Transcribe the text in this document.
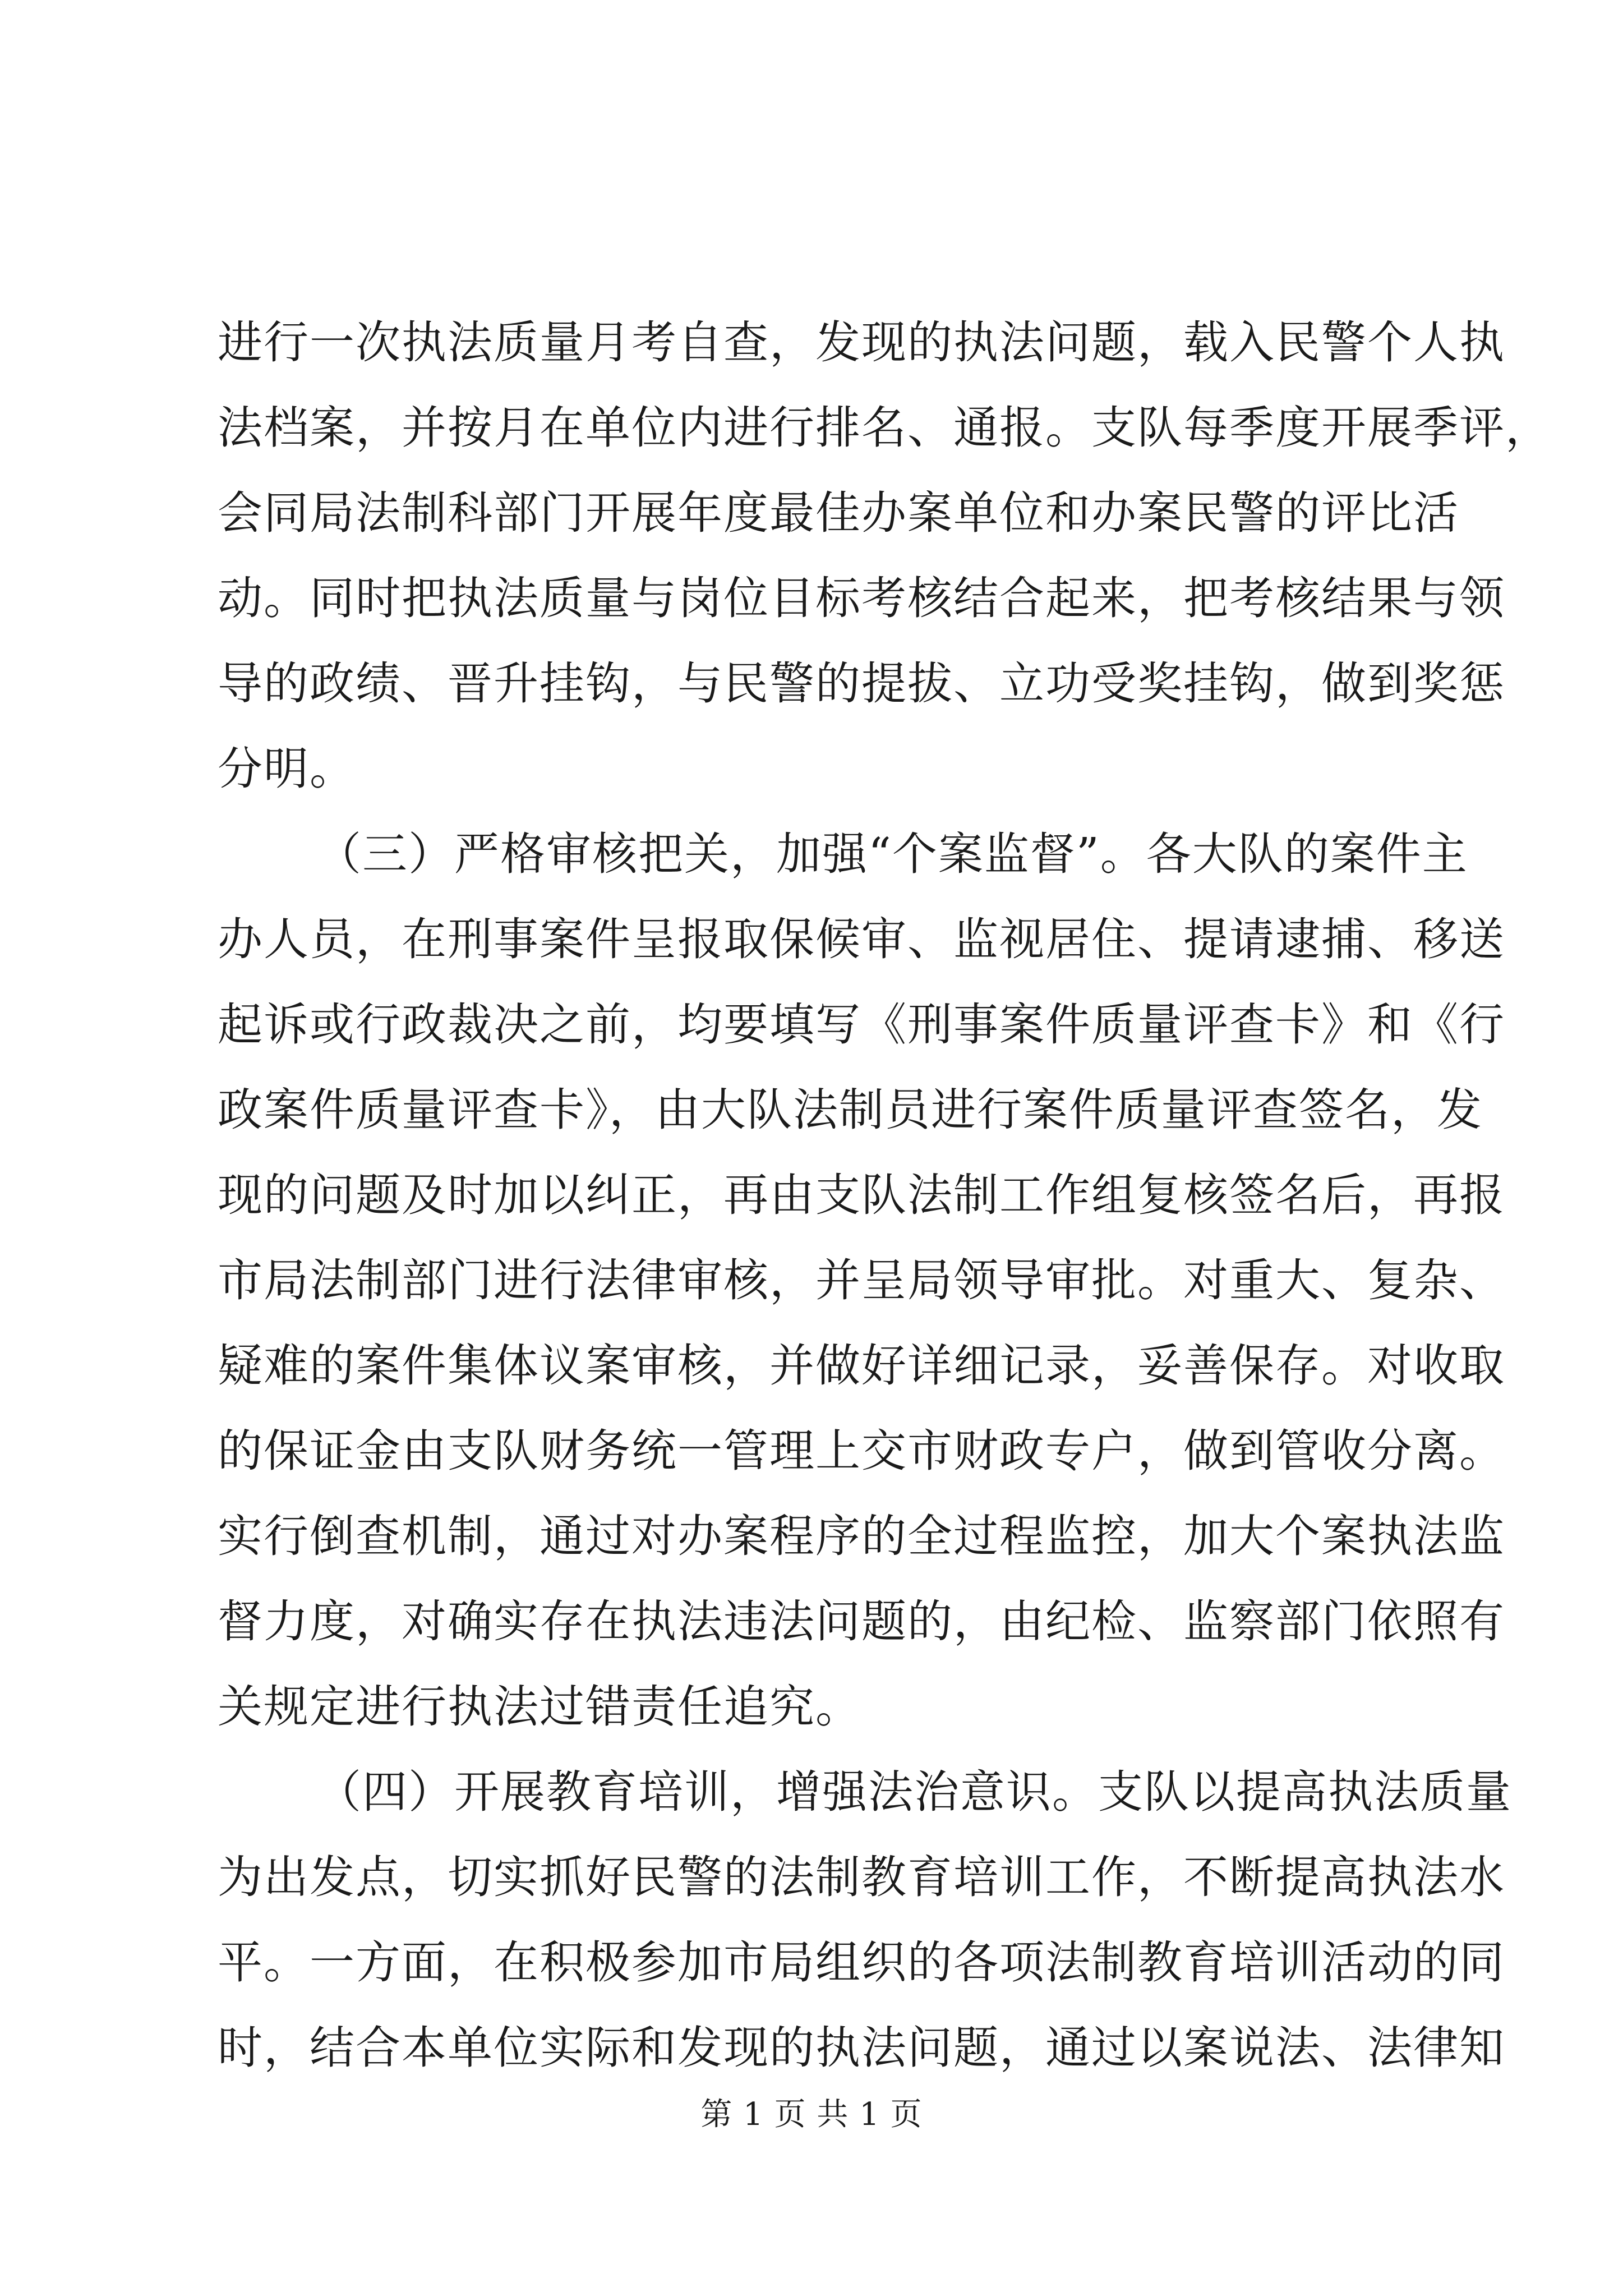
进行一次执法质量月考自查，发现的执法问题，载入民警个人执
法档案，并按月在单位内进行排名、通报。支队每季度开展季评，
会同局法制科部门开展年度最佳办案单位和办案民警的评比活
动。同时把执法质量与岗位目标考核结合起来，把考核结果与领
导的政绩、晋升挂钩，与民警的提拔、立功受奖挂钩，做到奖惩
分明。
（三）严格审核把关，加强“个案监督”。各大队的案件主
办人员，在刑事案件呈报取保候审、监视居住、提请逮捕、移送
起诉或行政裁决之前，均要填写《刑事案件质量评查卡》和《行
政案件质量评查卡》，由大队法制员进行案件质量评查签名，发
现的问题及时加以纠正，再由支队法制工作组复核签名后，再报
市局法制部门进行法律审核，并呈局领导审批。对重大、复杂、
疑难的案件集体议案审核，并做好详细记录，妥善保存。对收取
的保证金由支队财务统一管理上交市财政专户，做到管收分离。
实行倒查机制，通过对办案程序的全过程监控，加大个案执法监
督力度，对确实存在执法违法问题的，由纪检、监察部门依照有
关规定进行执法过错责任追究。
（四）开展教育培训，增强法治意识。支队以提高执法质量
为出发点，切实抓好民警的法制教育培训工作，不断提高执法水
平。一方面，在积极参加市局组织的各项法制教育培训活动的同
时，结合本单位实际和发现的执法问题，通过以案说法、法律知
第 1 页 共 1 页
